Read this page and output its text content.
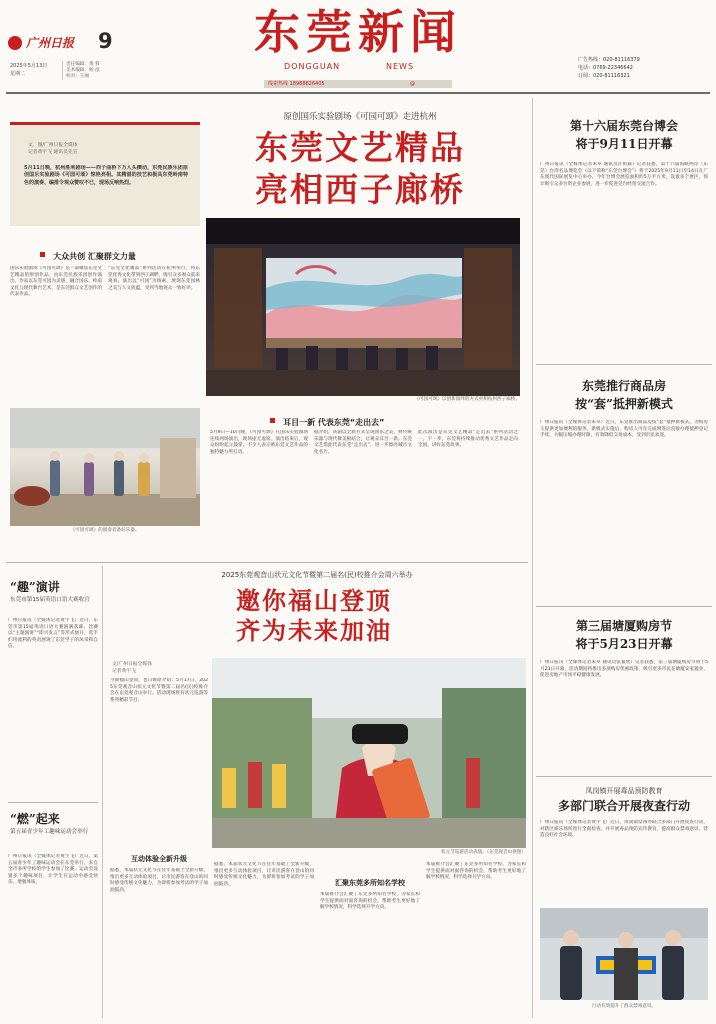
广州日报 9
2025年5月13日
星期二
责任编辑：黄 蓉
美术编辑：杨 泓
校对：王丽
东莞新闻
DONGGUAN	NEWS
线索热线 18988826405	@
广告热线：020-81116379
电话：0769-22346642
订阅：020-81116321
原创国乐实验剧场《可园可颂》走进杭州
东莞文艺精品
亮相西子廊桥
文、图/广州日报全媒体
记者黄宇飞 通讯员先宣
5月11日晚，杭州胜利剧场——西子曲桥下万人头攒动，东莞民族乐团原创国乐实验剧场《可园可颂》惊艳亮相。其精湛的技艺和极具东莞岭南特色的演奏、编排令观众赞叹不已，现场反响热烈。
大众共创 汇聚群文力量
国乐实验剧场《可园可颂》是一部聚焦东莞文艺精品的原创作品，由东莞民族乐团创作演出。作品以东莞可园为灵感，融合国乐、岭南文化与现代舞台艺术，是东莞群众文艺创作的代表作品。
“东莞文化精品”系列活动在杭州举行，将东莞优秀文化带到西子湖畔，吸引众多观众前来观看。演出以“可园”为线索，展现东莞园林之美与人文底蕴，受到当地观众一致好评。
《可园可颂》的演奏者备好乐器。
《可园可颂》以创新演绎的方式亮相杭州西子廊桥。
耳目一新 代表东莞“走出去”
5月9日—10日晚，《可园可颂》在国乐实验剧场连续两场演出，现场座无虚席。演出结束后，观众纷纷起立鼓掌，不少人表示被东莞文艺作品的独特魅力所打动。
据介绍，该剧以全新方式呈现国乐之美，将传统乐器与现代舞美相结合，让观众耳目一新。东莞文艺借此代表东莞“走出去”，进一步擦亮城市文化名片。
此次演出是东莞文艺精品“走出去”系列活动之一。下一步，东莞将持续推动优秀文艺作品走向全国，讲好东莞故事。
第十六届东莞台博会
将于9月11日开幕
广州日报讯（全媒体记者朱卓 通讯员许祖森）记者获悉，第十六届海峡两岸（东莞）台湾名品博览会（以下简称“东莞台博会”）将于2025年9月11日至14日在广东现代国际展览中心举办。今年台博会展览面积约5万平方米，设置多个展区，预计吸引众多台资企业参展，进一步促进莞台经贸交流合作。
东莞推行商品房
按“套”抵押新模式
广州日报讯（全媒体记者朱卓）近日，东莞推出商品房按“套”抵押新模式，为购房人提供更加便利的服务。新模式实施后，购房人可在完成网签后直接办理抵押登记手续，大幅压缩办理时限，有效降低交易成本，受到市民欢迎。
第三届塘厦购房节
将于5月23日开幕
广州日报讯（全媒体记者朱卓 通讯员张嘉欣）记者获悉，第三届塘厦购房节将于5月23日开幕，活动期间将推出多项购房优惠政策，吸引更多市民在塘厦安家置业，促进房地产市场平稳健康发展。
凤岗镇开展毒品预防教育
多部门联合开展夜查行动
广州日报讯（全媒体记者黄宇飞）近日，凤岗镇禁毒办联合多部门开展夜查行动，对辖区娱乐场所进行全面检查，并开展毒品预防宣传教育，提高群众禁毒意识，营造良好社会环境。
行动有效提升了群众禁毒意识。
“趣”演讲
东莞市第15届英语口语大赛收官
广州日报讯（全媒体记者黄宇飞）近日，东莞市第15届英语口语大赛圆满落幕。比赛以“主题演讲”“即兴发言”等形式展开，选手们用流利的英语展现了东莞学子的风采和自信。
“燃”起来
第五届青少年工趣味运动会举行
广州日报讯（全媒体记者黄宇飞）近日，第五届青少年工趣味运动会在东莞举行，来自全市多所学校的学生参加了比赛。运动会设置多个趣味项目，让学生在运动中感受快乐，增强体质。
2025东莞观音山状元文化节暨第二届名(民)校推介会周六举办
邀你福山登顶
齐为未来加油
文/广州日报全媒体
记者黄宇飞
今期福山登顶，也日维原介绍：5月17日，2025东莞观音山状元文化节暨第二届名(民)校推介会在东莞观音山举行。活动现场将有状元巡游等系列精彩节目。
状元节巡游活动表演。（东莞观音山供图）
互动体验全新升级
据悉，本届状元文化节在往年基础上全新升级，推出更多互动体验项目，让市民游客在登山的同时感受传统文化魅力，为即将参加考试的学子加油鼓劲。
据悉，本届状元文化节在往年基础上全新升级，推出更多互动体验项目，让市民游客在登山的同时感受传统文化魅力，为即将参加考试的学子加油鼓劲。	汇聚东莞多所知名学校
本届推介会汇聚了东莞多所知名学校，为家长和学生提供面对面咨询的机会，帮助考生更好地了解学校情况，科学选择升学方向。
本届推介会汇聚了东莞多所知名学校，为家长和学生提供面对面咨询的机会，帮助考生更好地了解学校情况，科学选择升学方向。
